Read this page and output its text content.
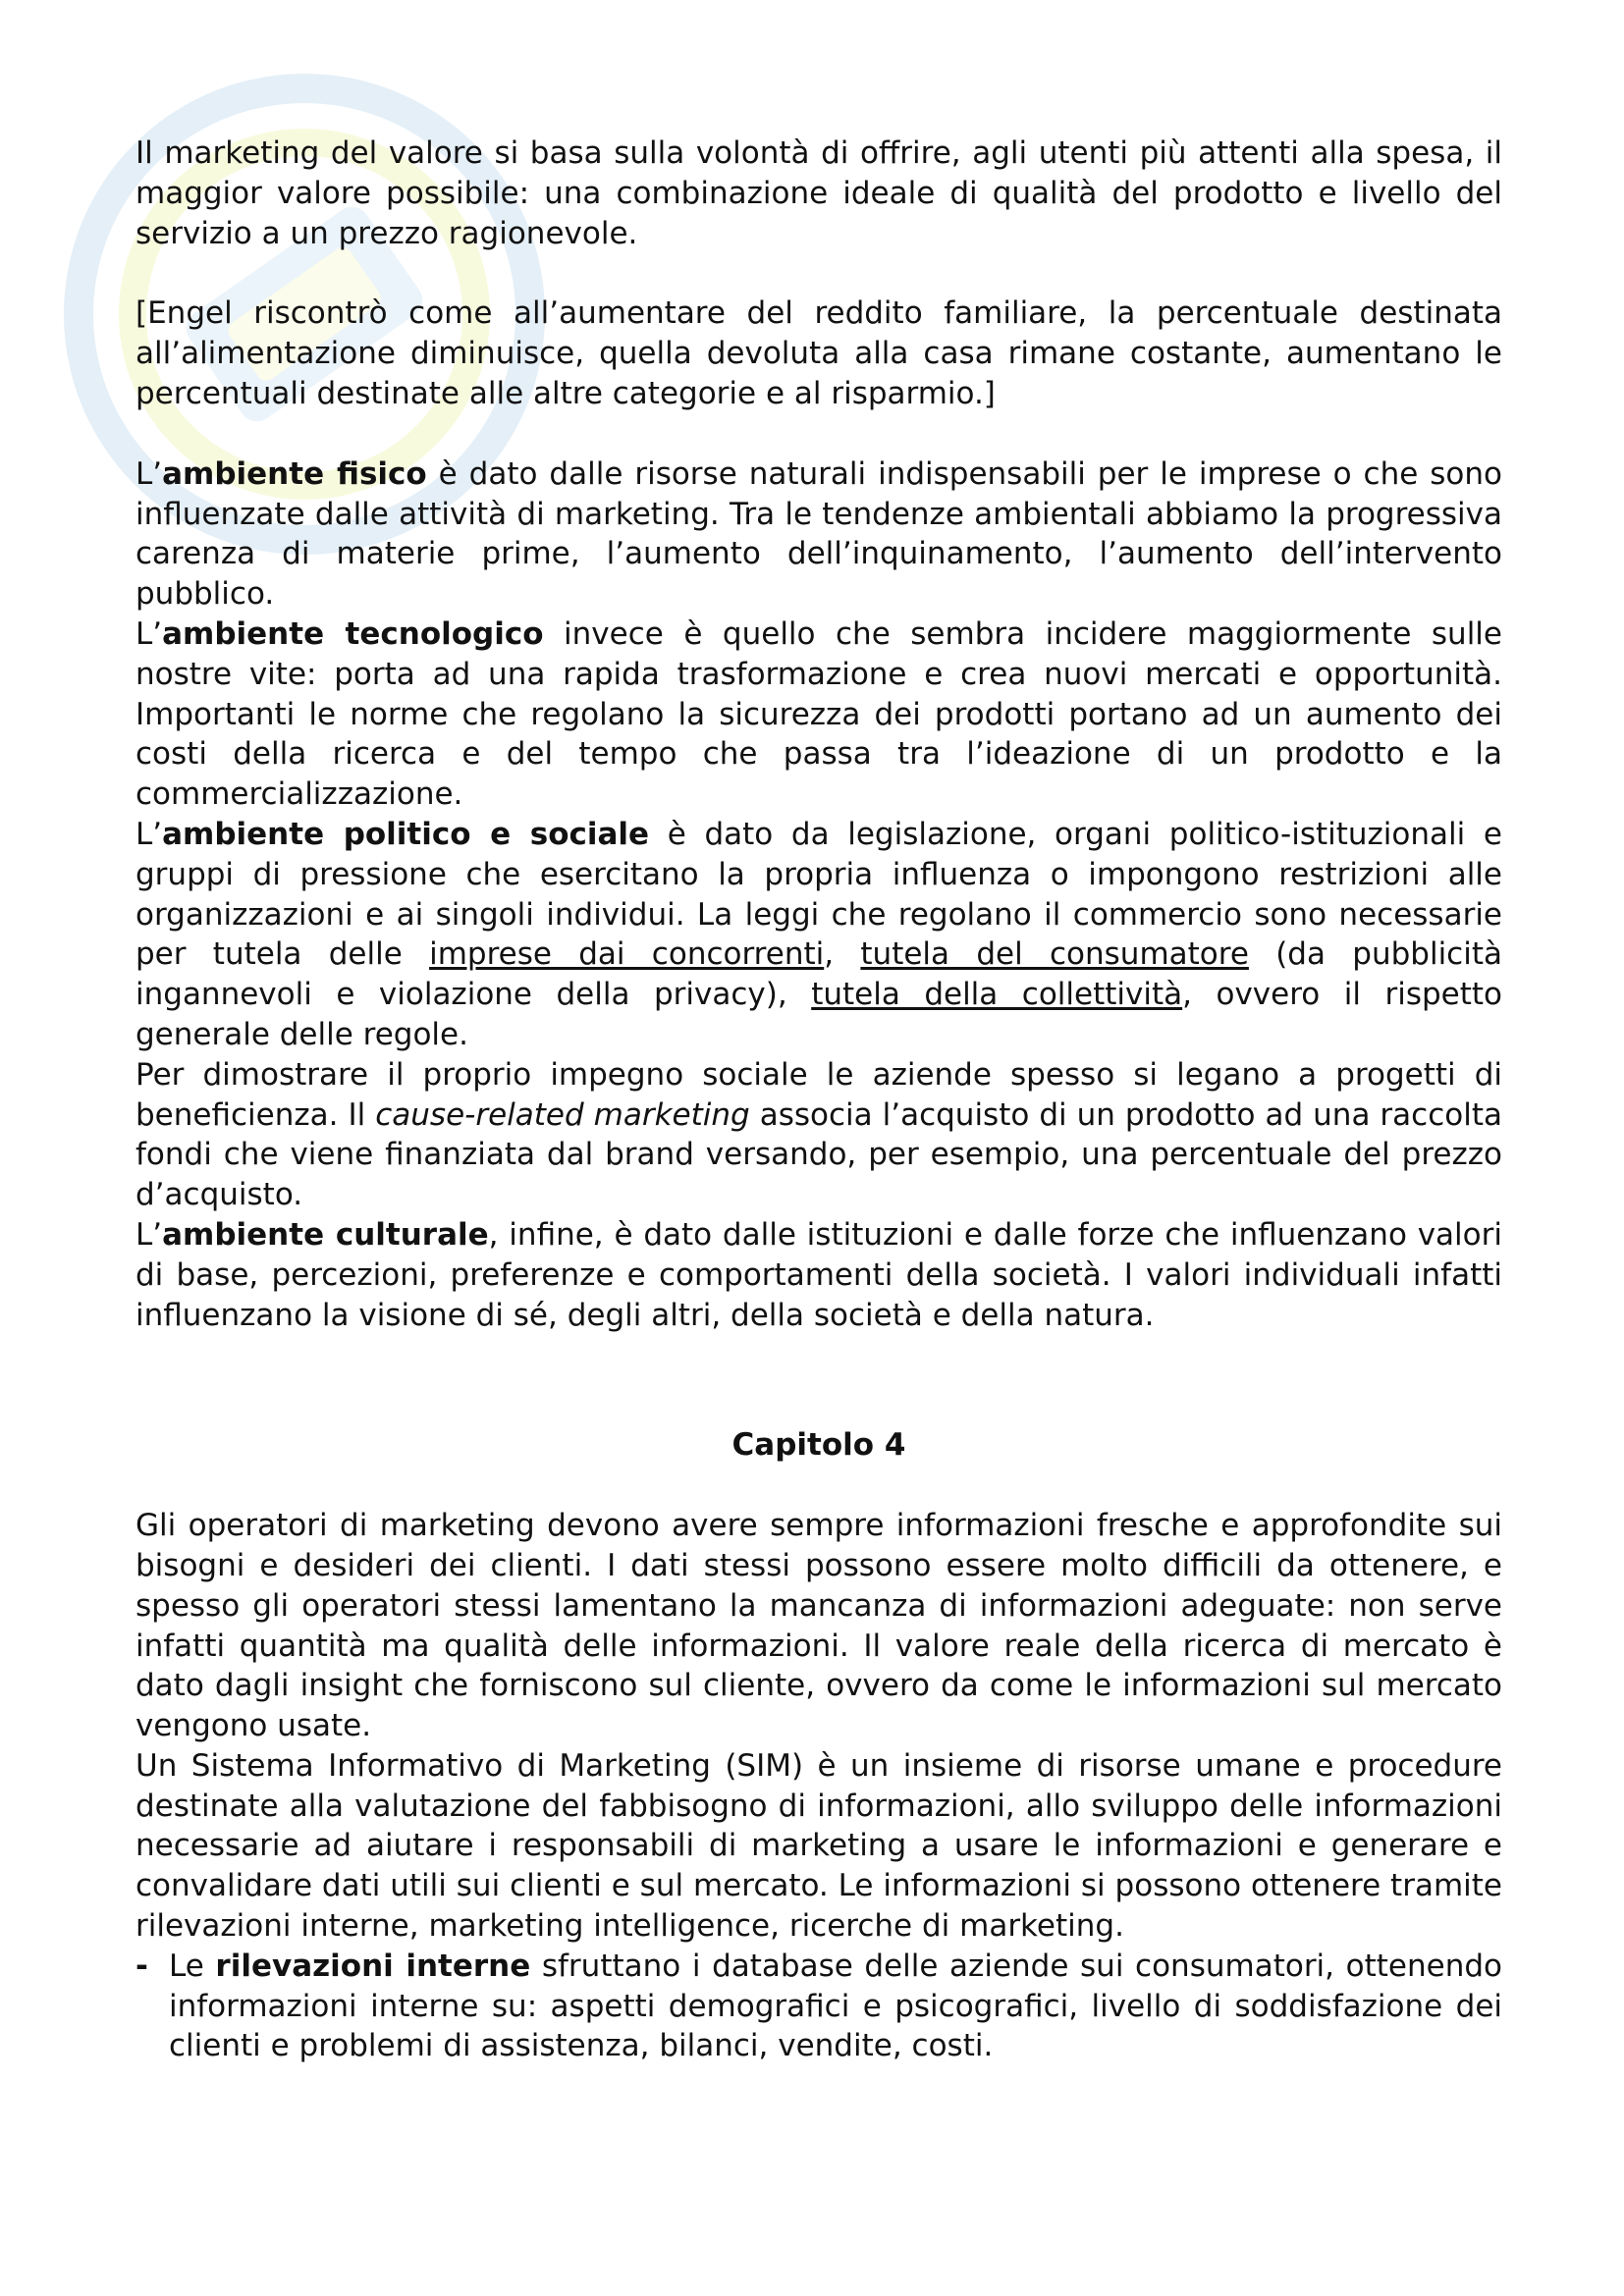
Il marketing del valore si basa sulla volontà di offrire, agli utenti più attenti alla spesa, il maggior valore possibile: una combinazione ideale di qualità del prodotto e livello del servizio a un prezzo ragionevole.

[Engel riscontrò come all’aumentare del reddito familiare, la percentuale destinata all’alimentazione diminuisce, quella devoluta alla casa rimane costante, aumentano le percentuali destinate alle altre categorie e al risparmio.]

L’ambiente fisico è dato dalle risorse naturali indispensabili per le imprese o che sono influenzate dalle attività di marketing. Tra le tendenze ambientali abbiamo la progressiva carenza di materie prime, l’aumento dell’inquinamento, l’aumento dell’intervento pubblico.

L’ambiente tecnologico invece è quello che sembra incidere maggiormente sulle nostre vite: porta ad una rapida trasformazione e crea nuovi mercati e opportunità. Importanti le norme che regolano la sicurezza dei prodotti portano ad un aumento dei costi della ricerca e del tempo che passa tra l’ideazione di un prodotto e la commercializzazione.

L’ambiente politico e sociale è dato da legislazione, organi politico-istituzionali e gruppi di pressione che esercitano la propria influenza o impongono restrizioni alle organizzazioni e ai singoli individui. La leggi che regolano il commercio sono necessarie per tutela delle imprese dai concorrenti, tutela del consumatore (da pubblicità ingannevoli e violazione della privacy), tutela della collettività, ovvero il rispetto generale delle regole.

Per dimostrare il proprio impegno sociale le aziende spesso si legano a progetti di beneficienza. Il cause-related marketing associa l’acquisto di un prodotto ad una raccolta fondi che viene finanziata dal brand versando, per esempio, una percentuale del prezzo d’acquisto.

L’ambiente culturale, infine, è dato dalle istituzioni e dalle forze che influenzano valori di base, percezioni, preferenze e comportamenti della società. I valori individuali infatti influenzano la visione di sé, degli altri, della società e della natura.

Capitolo 4

Gli operatori di marketing devono avere sempre informazioni fresche e approfondite sui bisogni e desideri dei clienti. I dati stessi possono essere molto difficili da ottenere, e spesso gli operatori stessi lamentano la mancanza di informazioni adeguate: non serve infatti quantità ma qualità delle informazioni. Il valore reale della ricerca di mercato è dato dagli insight che forniscono sul cliente, ovvero da come le informazioni sul mercato vengono usate.

Un Sistema Informativo di Marketing (SIM) è un insieme di risorse umane e procedure destinate alla valutazione del fabbisogno di informazioni, allo sviluppo delle informazioni necessarie ad aiutare i responsabili di marketing a usare le informazioni e generare e convalidare dati utili sui clienti e sul mercato. Le informazioni si possono ottenere tramite rilevazioni interne, marketing intelligence, ricerche di marketing.

- Le rilevazioni interne sfruttano i database delle aziende sui consumatori, ottenendo informazioni interne su: aspetti demografici e psicografici, livello di soddisfazione dei clienti e problemi di assistenza, bilanci, vendite, costi.
